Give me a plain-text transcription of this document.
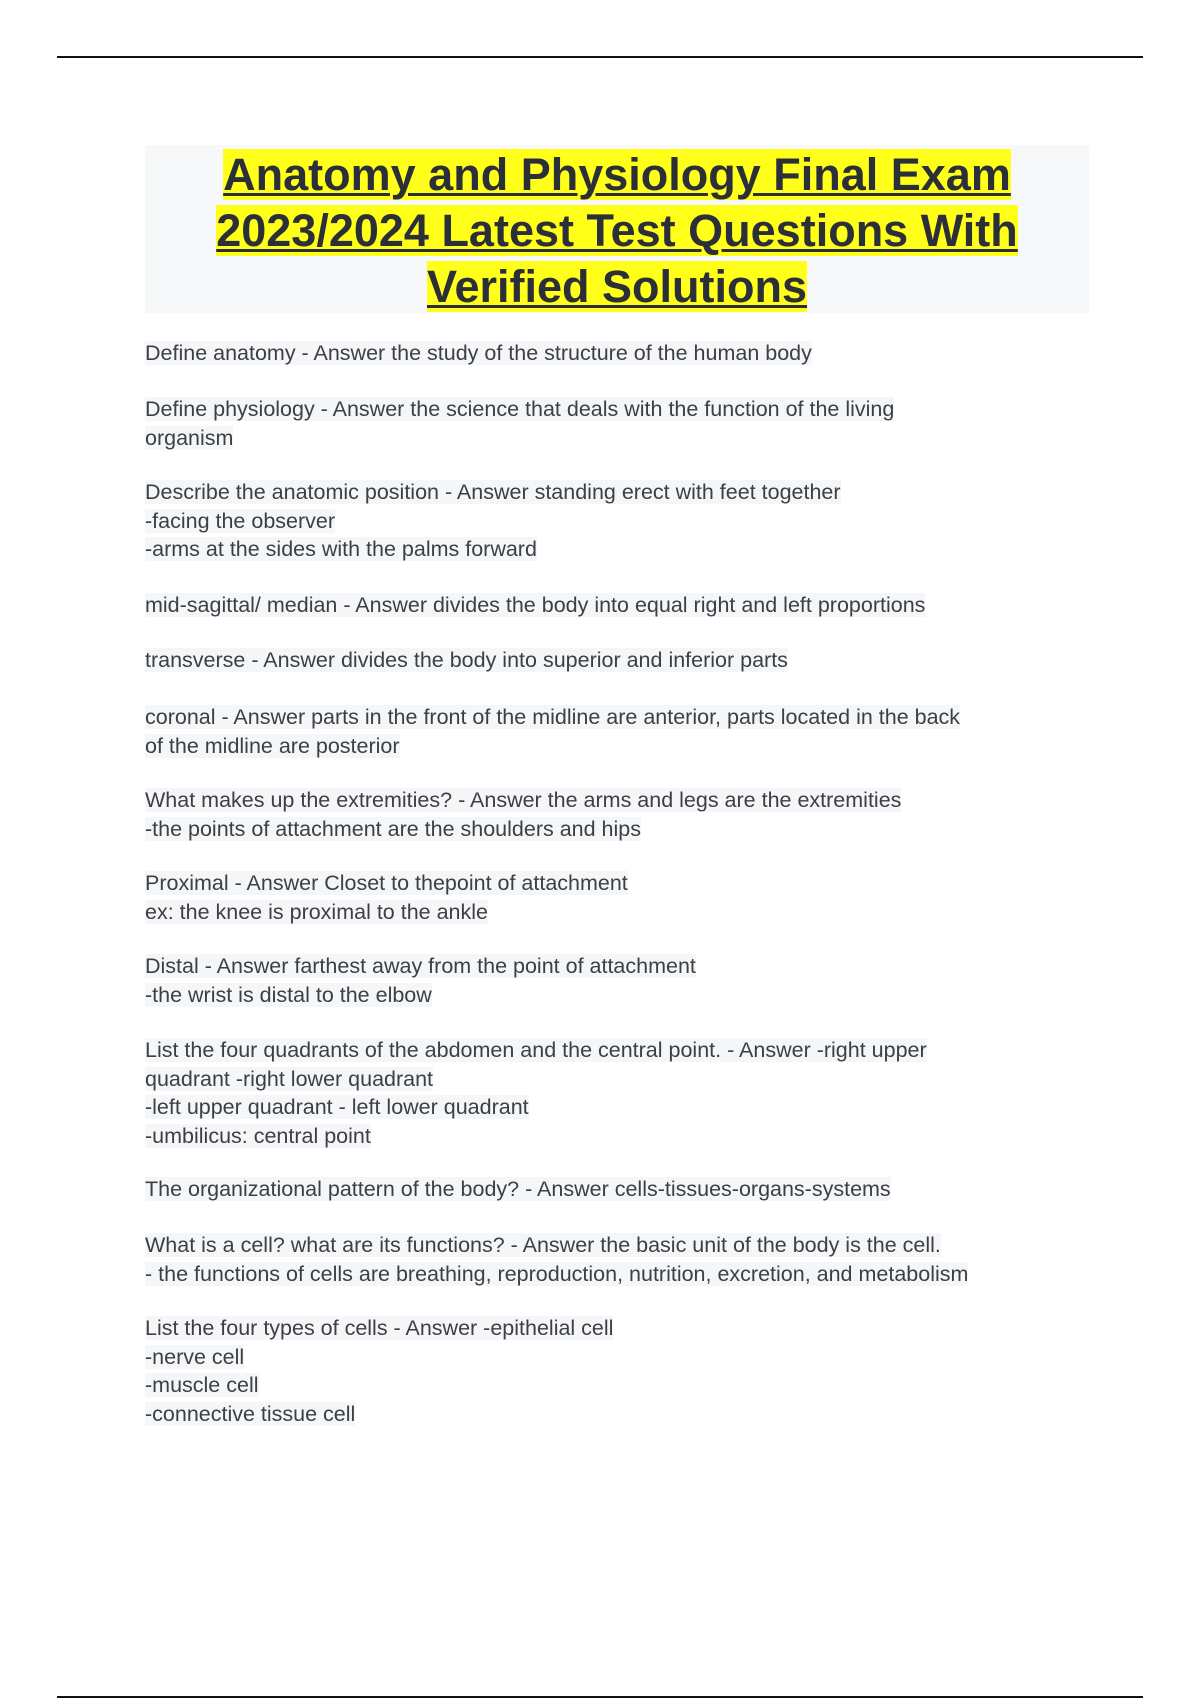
Anatomy and Physiology Final Exam
2023/2024 Latest Test Questions With
Verified Solutions
Define anatomy - Answer the study of the structure of the human body
Define physiology - Answer the science that deals with the function of the living
organism
Describe the anatomic position - Answer standing erect with feet together
-facing the observer
-arms at the sides with the palms forward
mid-sagittal/ median - Answer divides the body into equal right and left proportions
transverse - Answer divides the body into superior and inferior parts
coronal - Answer parts in the front of the midline are anterior, parts located in the back
of the midline are posterior
What makes up the extremities? - Answer the arms and legs are the extremities
-the points of attachment are the shoulders and hips
Proximal - Answer Closet to thepoint of attachment
ex: the knee is proximal to the ankle
Distal - Answer farthest away from the point of attachment
-the wrist is distal to the elbow
List the four quadrants of the abdomen and the central point. - Answer -right upper
quadrant -right lower quadrant
-left upper quadrant - left lower quadrant
-umbilicus: central point
The organizational pattern of the body? - Answer cells-tissues-organs-systems
What is a cell? what are its functions? - Answer the basic unit of the body is the cell.
- the functions of cells are breathing, reproduction, nutrition, excretion, and metabolism
List the four types of cells - Answer -epithelial cell
-nerve cell
-muscle cell
-connective tissue cell
